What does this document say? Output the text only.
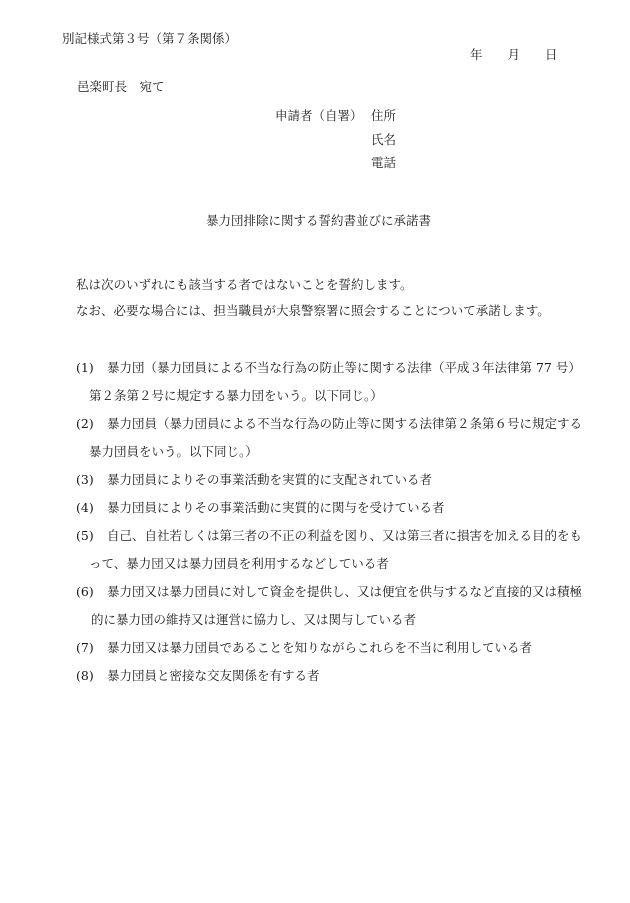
別記様式第３号（第７条関係）
年 月 日
邑楽町長　宛て
申請者（自署） 住所
氏名
電話
暴力団排除に関する誓約書並びに承諾書
私は次のいずれにも該当する者ではないことを誓約します。
なお、必要な場合には、担当職員が大泉警察署に照会することについて承諾します。
(1) 暴力団（暴力団員による不当な行為の防止等に関する法律（平成３年法律第 77 号）
第２条第２号に規定する暴力団をいう。以下同じ。）
(2) 暴力団員（暴力団員による不当な行為の防止等に関する法律第２条第６号に規定する
暴力団員をいう。以下同じ。）
(3) 暴力団員によりその事業活動を実質的に支配されている者
(4) 暴力団員によりその事業活動に実質的に関与を受けている者
(5) 自己、自社若しくは第三者の不正の利益を図り、又は第三者に損害を加える目的をも
って、暴力団又は暴力団員を利用するなどしている者
(6) 暴力団又は暴力団員に対して資金を提供し、又は便宜を供与するなど直接的又は積極
的に暴力団の維持又は運営に協力し、又は関与している者
(7) 暴力団又は暴力団員であることを知りながらこれらを不当に利用している者
(8) 暴力団員と密接な交友関係を有する者
